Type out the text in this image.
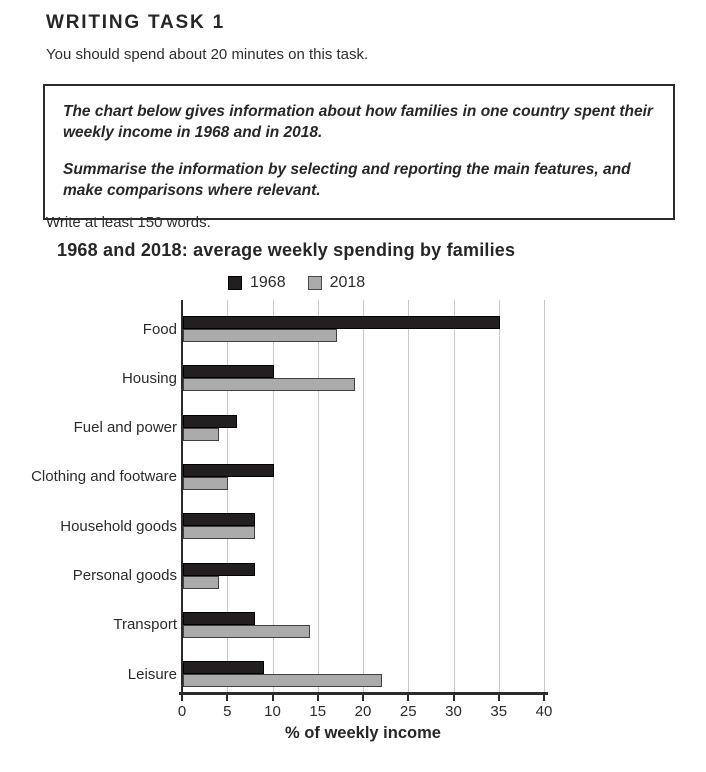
WRITING TASK 1

You should spend about 20 minutes on this task.

The chart below gives information about how families in one country spent their weekly income in 1968 and in 2018.

Summarise the information by selecting and reporting the main features, and make comparisons where relevant.

Write at least 150 words.

1968 and 2018: average weekly spending by families
1968	2018
0	5	10	15	20	25	30	35	40
Food
Housing
Fuel and power
Clothing and footware
Household goods
Personal goods
Transport
Leisure
% of weekly income
